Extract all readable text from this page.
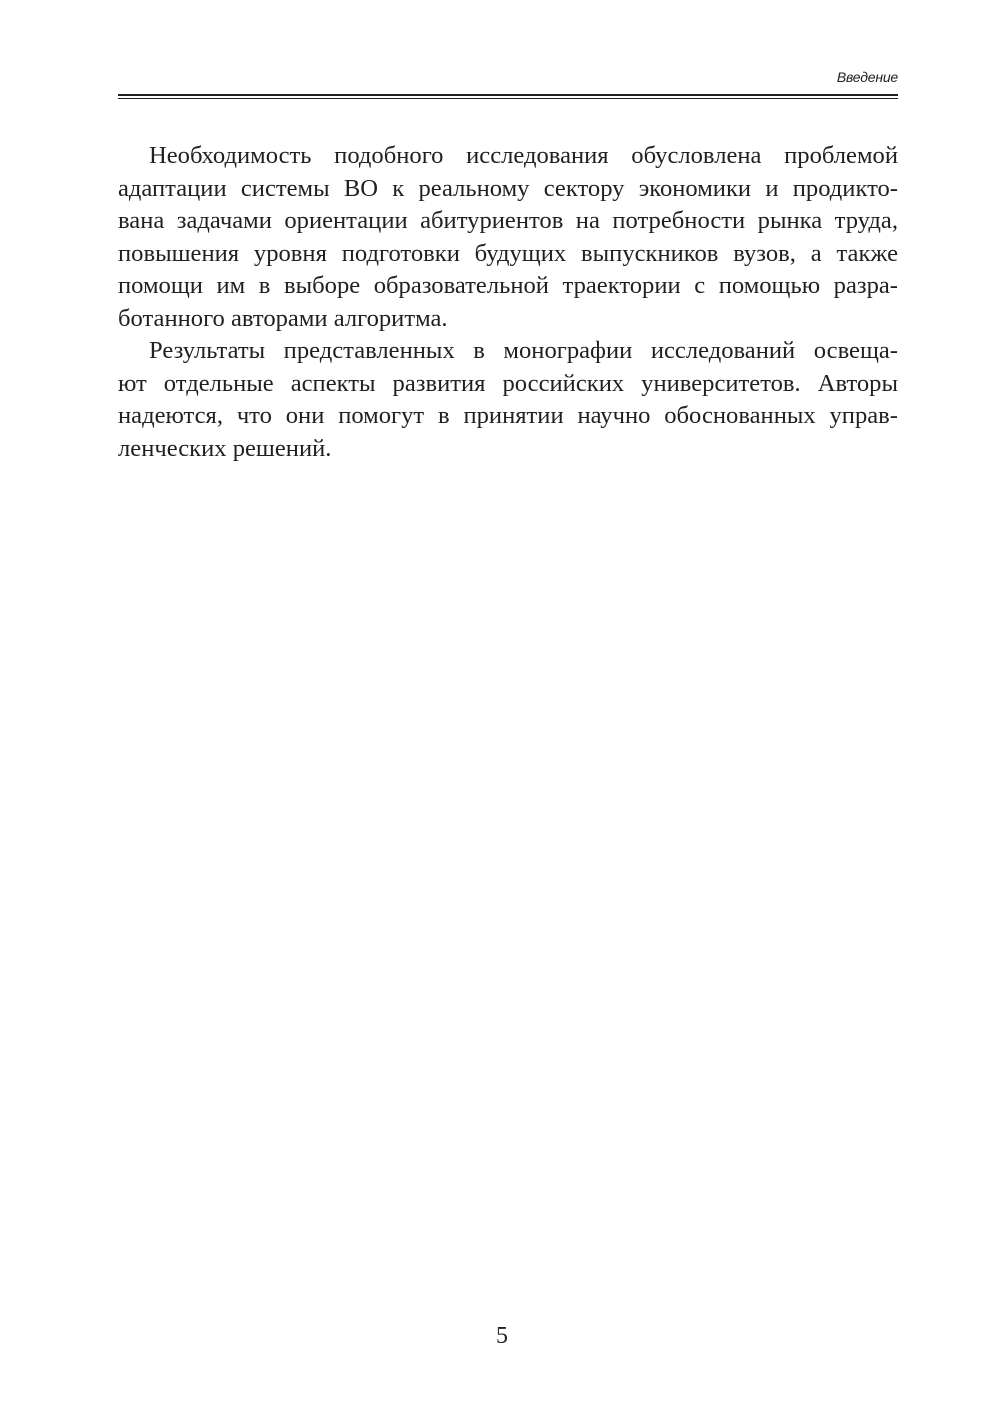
Введение
Необходимость подобного исследования обусловлена проблемой
адаптации системы ВО к реальному сектору экономики и продикто-
вана задачами ориентации абитуриентов на потребности рынка труда,
повышения уровня подготовки будущих выпускников вузов, а также
помощи им в выборе образовательной траектории с помощью разра-
ботанного авторами алгоритма.
Результаты представленных в монографии исследований освеща-
ют отдельные аспекты развития российских университетов. Авторы
надеются, что они помогут в принятии научно обоснованных управ-
ленческих решений.
5
